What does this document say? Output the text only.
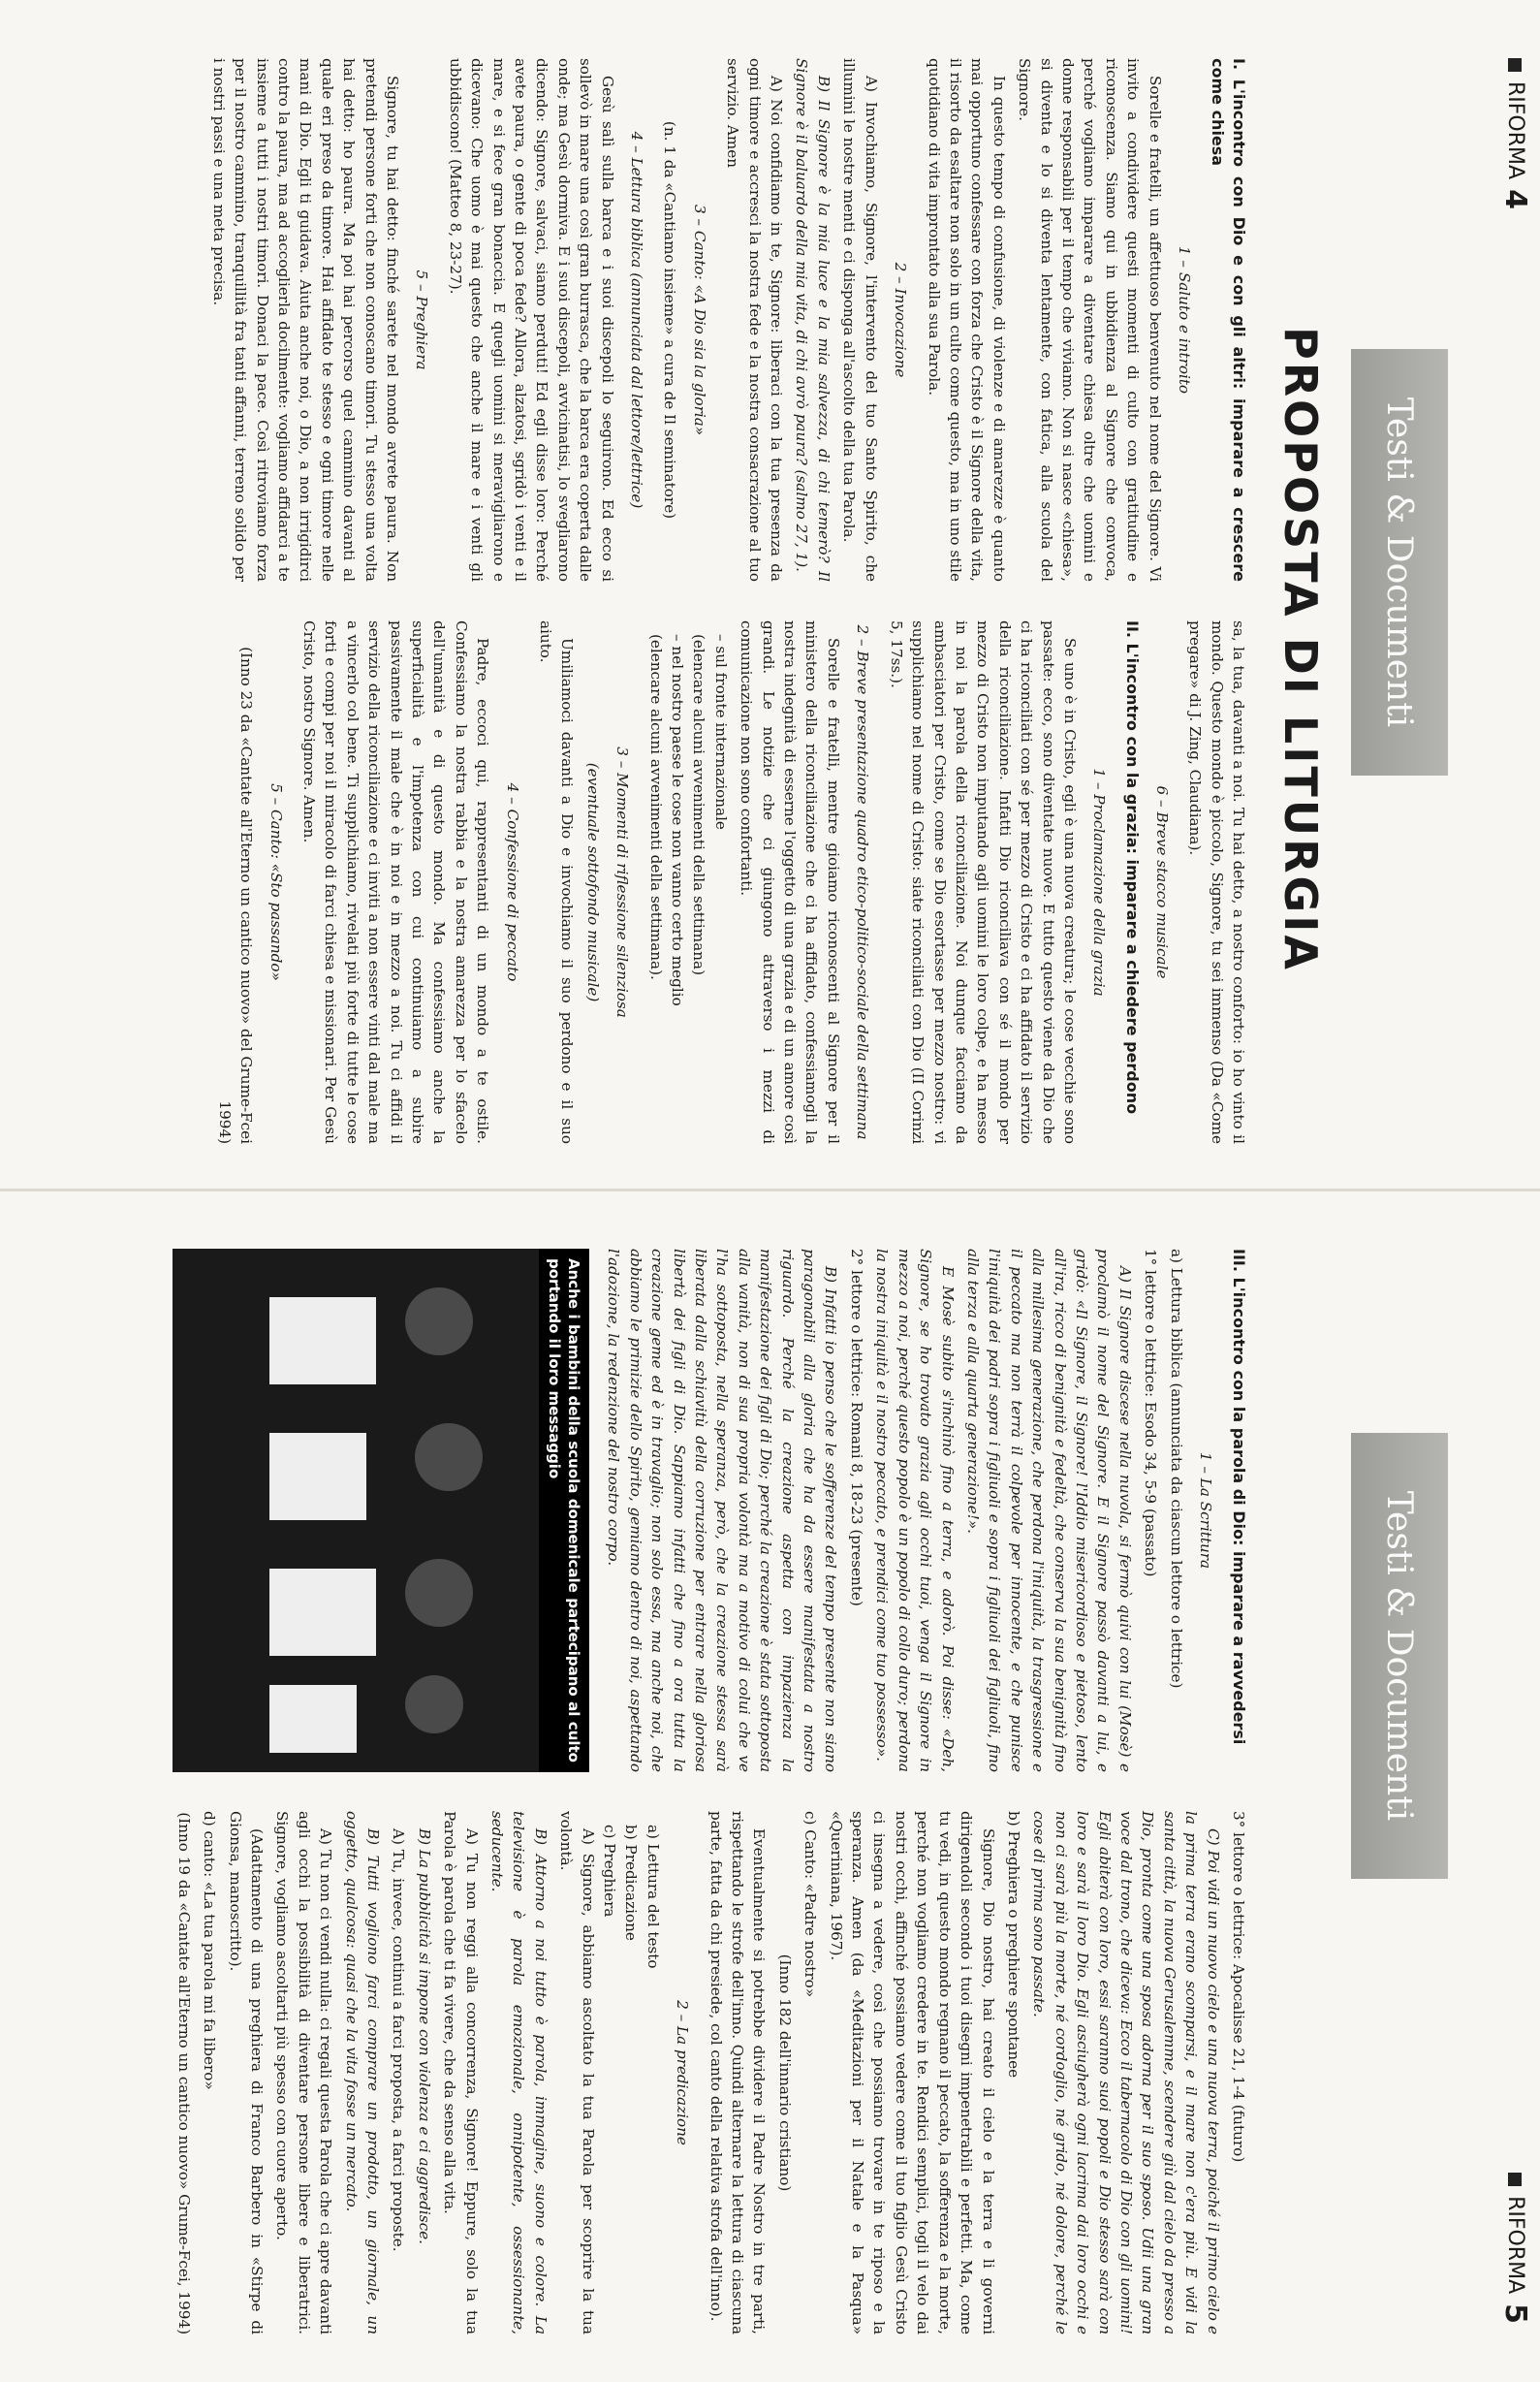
RIFORMA
4
Testi & Documenti
PROPOSTA DI LITURGIA

I. L'incontro con Dio e con gli altri: imparare a crescere come chiesa

1 – Saluto e introito

Sorelle e fratelli, un affettuoso benvenuto nel nome del Signore. Vi invito a condividere questi momenti di culto con gratitudine e riconoscenza. Siamo qui in ubbidienza al Signore che convoca, perché vogliamo imparare a diventare chiesa oltre che uomini e donne responsabili per il tempo che viviamo. Non si nasce «chiesa», si diventa e lo si diventa lentamente, con fatica, alla scuola del Signore.

In questo tempo di confusione, di violenze e di amarezze è quanto mai opportuno confessare con forza che Cristo è il Signore della vita, il risorto da esaltare non solo in un culto come questo, ma in uno stile quotidiano di vita improntato alla sua Parola.

2 – Invocazione

A) Invochiamo, Signore, l'intervento del tuo Santo Spirito, che illumini le nostre menti e ci disponga all'ascolto della tua Parola.

B) Il Signore è la mia luce e la mia salvezza, di chi temerò? Il Signore è il baluardo della mia vita, di chi avrò paura? (salmo 27, 1).

A) Noi confidiamo in te, Signore: liberaci con la tua presenza da ogni timore e accresci la nostra fede e la nostra consacrazione al tuo servizio. Amen

3 – Canto: «A Dio sia la gloria»

(n. 1 da «Cantiamo insieme» a cura de Il seminatore)

4 – Lettura biblica (annunciata dal lettore/lettrice)

Gesù salì sulla barca e i suoi discepoli lo seguirono. Ed ecco si sollevò in mare una così gran burrasca, che la barca era coperta dalle onde; ma Gesù dormiva. E i suoi discepoli, avvicinatisi, lo svegliarono dicendo: Signore, salvaci, siamo perduti! Ed egli disse loro: Perché avete paura, o gente di poca fede? Allora, alzatosi, sgridò i venti e il mare, e si fece gran bonaccia. E quegli uomini si meravigliarono e dicevano: Che uomo è mai questo che anche il mare e i venti gli ubbidiscono! (Matteo 8, 23-27).

5 – Preghiera

Signore, tu hai detto: finché sarete nel mondo avrete paura. Non pretendi persone forti che non conoscano timori. Tu stesso una volta hai detto: ho paura. Ma poi hai percorso quel cammino davanti al quale eri preso da timore. Hai affidato te stesso e ogni timore nelle mani di Dio. Egli ti guidava. Aiuta anche noi, o Dio, a non irrigidirci contro la paura, ma ad accoglierla docilmente: vogliamo affidarci a te insieme a tutti i nostri timori. Donaci la pace. Così ritroviamo forza per il nostro cammino, tranquillità fra tanti affanni, terreno solido per i nostri passi e una meta precisa.

sa, la tua, davanti a noi. Tu hai detto, a nostro conforto: io ho vinto il mondo. Questo mondo è piccolo, Signore, tu sei immenso (Da «Come pregare» di J. Zing, Claudiana).

6 – Breve stacco musicale

II. L'incontro con la grazia: imparare a chiedere perdono

1 – Proclamazione della grazia

Se uno è in Cristo, egli è una nuova creatura; le cose vecchie sono passate: ecco, sono diventate nuove. E tutto questo viene da Dio che ci ha riconciliati con sé per mezzo di Cristo e ci ha affidato il servizio della riconciliazione. Infatti Dio riconciliava con sé il mondo per mezzo di Cristo non imputando agli uomini le loro colpe, e ha messo in noi la parola della riconciliazione. Noi dunque facciamo da ambasciatori per Cristo, come se Dio esortasse per mezzo nostro: vi supplichiamo nel nome di Cristo: siate riconciliati con Dio (II Corinzi 5, 17ss.).

2 – Breve presentazione quadro etico-politico-sociale della settimana

Sorelle e fratelli, mentre gioiamo riconoscenti al Signore per il ministero della riconciliazione che ci ha affidato, confessiamogli la nostra indegnità di esserne l'oggetto di una grazia e di un amore così grandi. Le notizie che ci giungono attraverso i mezzi di comunicazione non sono confortanti.

– sul fronte internazionale

(elencare alcuni avvenimenti della settimana)

– nel nostro paese le cose non vanno certo meglio

(elencare alcuni avvenimenti della settimana).

3 – Momenti di riflessione silenziosa

(eventuale sottofondo musicale)

Umiliamoci davanti a Dio e invochiamo il suo perdono e il suo aiuto.

4 – Confessione di peccato

Padre, eccoci qui, rappresentanti di un mondo a te ostile. Confessiamo la nostra rabbia e la nostra amarezza per lo sfacelo dell'umanità e di questo mondo. Ma confessiamo anche la superficialità e l'impotenza con cui continuiamo a subire passivamente il male che è in noi e in mezzo a noi. Tu ci affidi il servizio della riconciliazione e ci inviti a non essere vinti dal male ma a vincerlo col bene. Ti supplichiamo, rivelati più forte di tutte le cose forti e compi per noi il miracolo di farci chiesa e missionari. Per Gesù Cristo, nostro Signore. Amen.

5 – Canto: «Sto passando»

(Inno 23 da «Cantate all'Eterno un cantico nuovo» del Grume-Fcei 1994)

RIFORMA
5
Testi & Documenti

III. L'incontro con la parola di Dio: imparare a ravvedersi

1 – La Scrittura

a) Lettura biblica (annunciata da ciascun lettore o lettrice)

1° lettore o lettrice: Esodo 34, 5-9 (passato)

A) Il Signore discese nella nuvola, si fermò quivi con lui (Mosè) e proclamò il nome del Signore. E il Signore passò davanti a lui, e gridò: «Il Signore, il Signore! l'Iddio misericordioso e pietoso, lento all'ira, ricco di benignità e fedeltà, che conserva la sua benignità fino alla millesima generazione, che perdona l'iniquità, la trasgressione e il peccato ma non terrà il colpevole per innocente, e che punisce l'iniquità dei padri sopra i figliuoli e sopra i figliuoli dei figliuoli, fino alla terza e alla quarta generazione!».

E Mosè subito s'inchinò fino a terra, e adorò. Poi disse: «Deh, Signore, se ho trovato grazia agli occhi tuoi, venga il Signore in mezzo a noi, perché questo popolo è un popolo di collo duro; perdona la nostra iniquità e il nostro peccato, e prendici come tuo possesso».

2° lettore o lettrice: Romani 8, 18-23 (presente)

B) Infatti io penso che le sofferenze del tempo presente non siano paragonabili alla gloria che ha da essere manifestata a nostro riguardo. Perché la creazione aspetta con impazienza la manifestazione dei figli di Dio; perché la creazione è stata sottoposta alla vanità, non di sua propria volontà ma a motivo di colui che ve l'ha sottoposta, nella speranza, però, che la creazione stessa sarà liberata dalla schiavitù della corruzione per entrare nella gloriosa libertà dei figli di Dio. Sappiamo infatti che fino a ora tutta la creazione geme ed è in travaglio; non solo essa, ma anche noi, che abbiamo le primizie dello Spirito, gemiamo dentro di noi, aspettando l'adozione, la redenzione del nostro corpo.

Anche i bambini della scuola domenicale partecipano al culto portando il loro messaggio

3° lettore o lettrice: Apocalisse 21, 1-4 (futuro)

C) Poi vidi un nuovo cielo e una nuova terra, poiché il primo cielo e la prima terra erano scomparsi, e il mare non c'era più. E vidi la santa città, la nuova Gerusalemme, scendere giù dal cielo da presso a Dio, pronta come una sposa adorna per il suo sposo. Udii una gran voce dal trono, che diceva: Ecco il tabernacolo di Dio con gli uomini! Egli abiterà con loro, essi saranno suoi popoli e Dio stesso sarà con loro e sarà il loro Dio. Egli asciugherà ogni lacrima dai loro occhi e non ci sarà più la morte, né cordoglio, né grido, né dolore, perché le cose di prima sono passate.

b) Preghiera o preghiere spontanee

Signore, Dio nostro, hai creato il cielo e la terra e li governi dirigendoli secondo i tuoi disegni impenetrabili e perfetti. Ma, come tu vedi, in questo mondo regnano il peccato, la sofferenza e la morte, perché non vogliamo credere in te. Rendici semplici, togli il velo dai nostri occhi, affinché possiamo vedere come il tuo figlio Gesù Cristo ci insegna a vedere, così che possiamo trovare in te riposo e la speranza. Amen (da «Meditazioni per il Natale e la Pasqua» «Queriniana, 1967).

c) Canto: «Padre nostro»

(Inno 182 dell'innario cristiano)

Eventualmente si potrebbe dividere il Padre Nostro in tre parti, rispettando le strofe dell'inno. Quindi alternare la lettura di ciascuna parte, fatta da chi presiede, col canto della relativa strofa dell'inno).

2 – La predicazione

a) Lettura del testo

b) Predicazione

c) Preghiera

A) Signore, abbiamo ascoltato la tua Parola per scoprire la tua volontà.

B) Attorno a noi tutto è parola, immagine, suono e colore. La televisione è parola emozionale, onnipotente, ossessionante, seducente.

A) Tu non reggi alla concorrenza, Signore! Eppure, solo la tua Parola è parola che ti fa vivere, che da senso alla vita.

B) La pubblicità si impone con violenza e ci aggredisce.

A) Tu, invece, continui a farci proposta, a farci proposte.

B) Tutti vogliono farci comprare un prodotto, un giornale, un oggetto, qualcosa: quasi che la vita fosse un mercato.

A) Tu non ci vendi nulla: ci regali questa Parola che ci apre davanti agli occhi la possibilità di diventare persone libere e liberatrici. Signore, vogliamo ascoltarti più spesso con cuore aperto.

(Adattamento di una preghiera di Franco Barbero in «Stirpe di Gionsa, manoscritto).

d) canto: «La tua parola mi fa libero»

(Inno 19 da «Cantate all'Eterno un cantico nuovo» Grume-Fcei, 1994)
